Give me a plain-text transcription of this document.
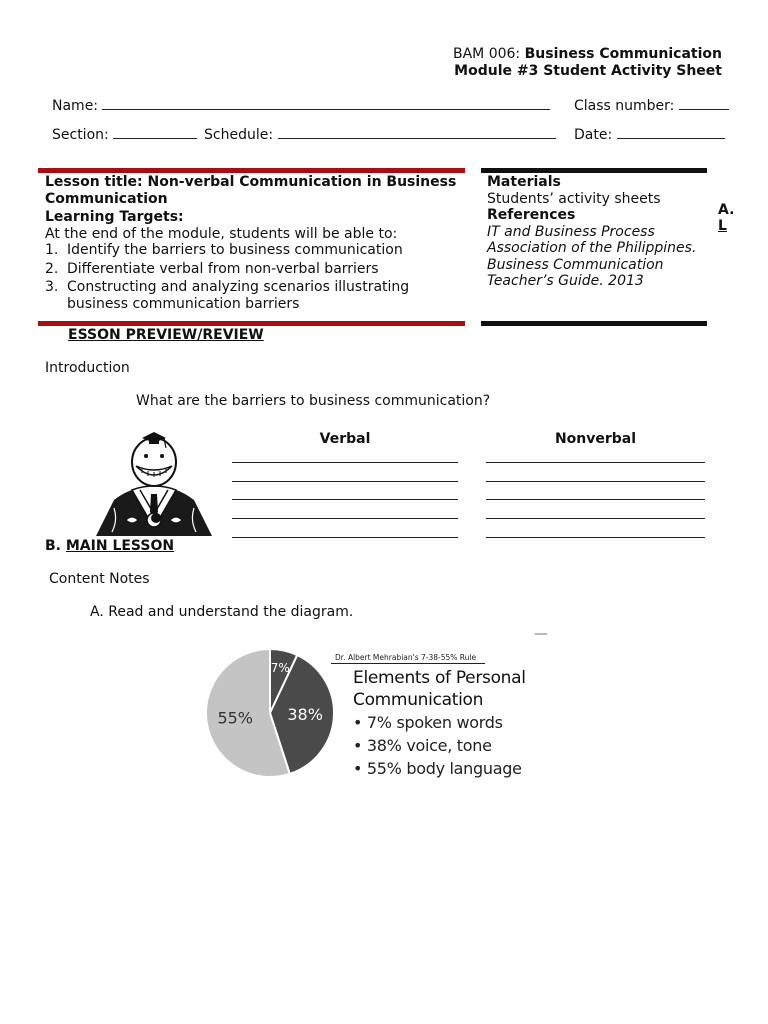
BAM 006: Business Communication
Module #3 Student Activity Sheet
Name:	Class number:
Section:	Schedule:	Date:
Lesson title: Non-verbal Communication in Business Communication
Learning Targets:
At the end of the module, students will be able to:
1. Identify the barriers to business communication
2. Differentiate verbal from non-verbal barriers
3. Constructing and analyzing scenarios illustrating business communication barriers
Materials
Students’ activity sheets
References
IT and Business Process Association of the Philippines. Business Communication Teacher’s Guide. 2013
A.
L
ESSON PREVIEW/REVIEW
Introduction
What are the barriers to business communication?
Verbal	Nonverbal
B. MAIN LESSON
Content Notes
A. Read and understand the diagram.
—
7%
38%
55%
Dr. Albert Mehrabian's 7-38-55% Rule
Elements of Personal
Communication
• 7% spoken words
• 38% voice, tone
• 55% body language
